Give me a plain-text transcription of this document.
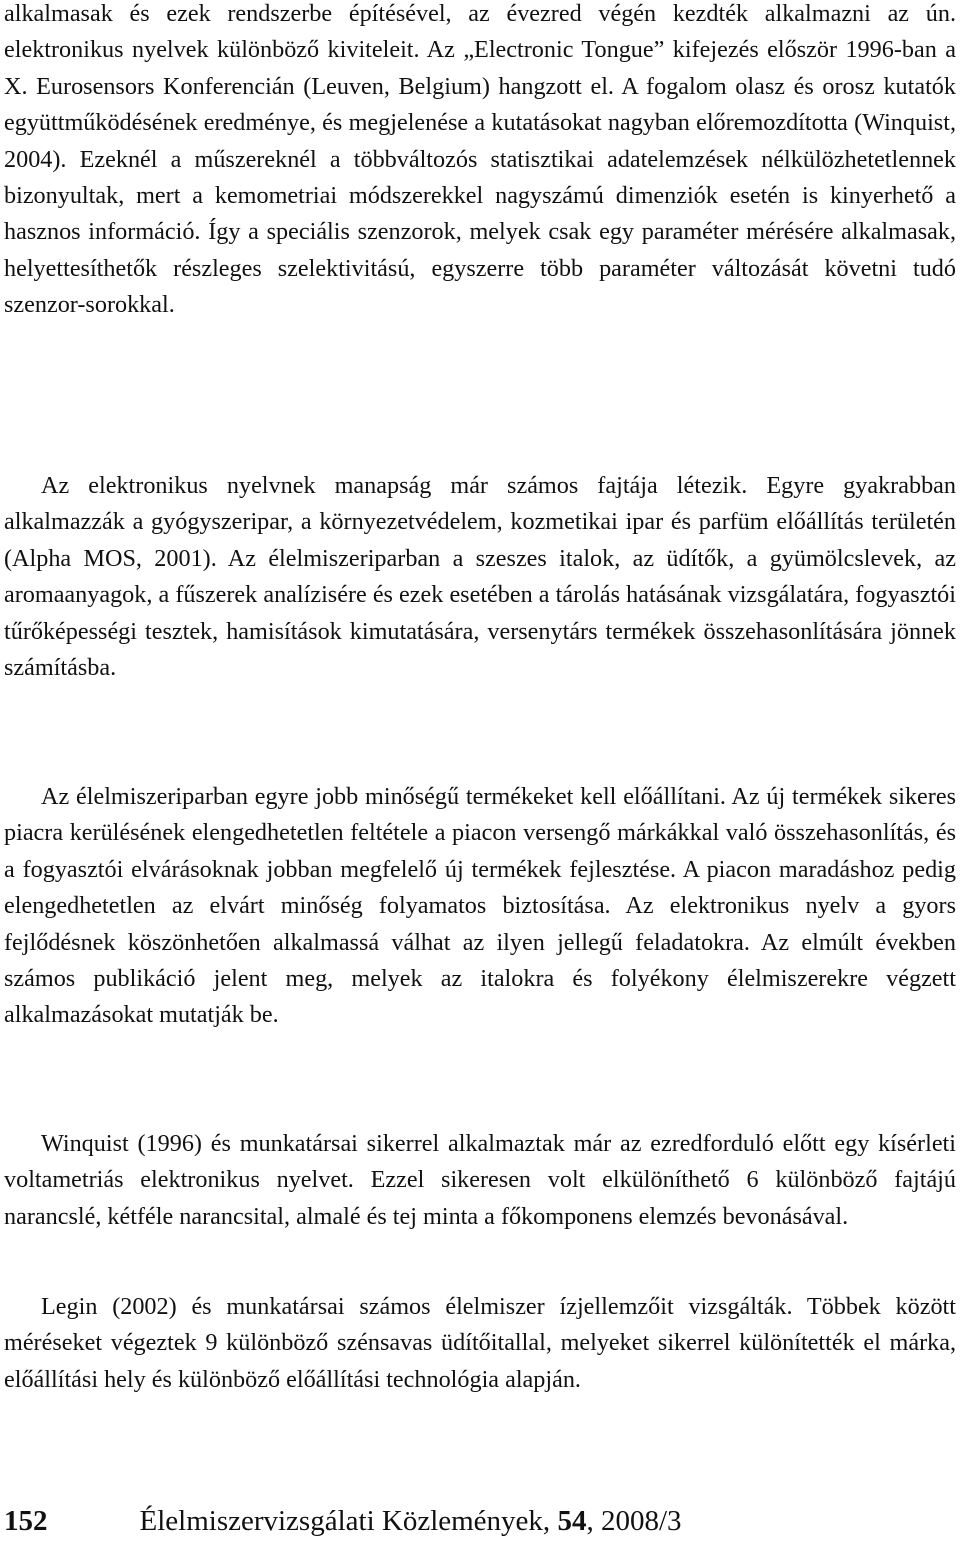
alkalmasak és ezek rendszerbe építésével, az évezred végén kezdték alkalmazni az ún. elektronikus nyelvek különböző kiviteleit. Az „Electronic Tongue” kifejezés először 1996-ban a X. Eurosensors Konferencián (Leuven, Belgium) hangzott el. A fogalom olasz és orosz kutatók együttműködésének eredménye, és megjelenése a kutatásokat nagyban előremozdította (Winquist, 2004). Ezeknél a műszereknél a többváltozós statisztikai adatelemzések nélkülözhetetlennek bizonyultak, mert a kemometriai módszerekkel nagyszámú dimenziók esetén is kinyerhető a hasznos információ. Így a speciális szenzorok, melyek csak egy paraméter mérésére alkalmasak, helyettesíthetők részleges szelektivitású, egyszerre több paraméter változását követni tudó szenzor-sorokkal.

Az elektronikus nyelvnek manapság már számos fajtája létezik. Egyre gyakrabban alkalmazzák a gyógyszeripar, a környezetvédelem, kozmetikai ipar és parfüm előállítás területén (Alpha MOS, 2001). Az élelmiszeriparban a szeszes italok, az üdítők, a gyümölcslevek, az aromaanyagok, a fűszerek analízisére és ezek esetében a tárolás hatásának vizsgálatára, fogyasztói tűrőképességi tesztek, hamisítások kimutatására, versenytárs termékek összehasonlítására jönnek számításba.

Az élelmiszeriparban egyre jobb minőségű termékeket kell előállítani. Az új termékek sikeres piacra kerülésének elengedhetetlen feltétele a piacon versengő márkákkal való összehasonlítás, és a fogyasztói elvárásoknak jobban megfelelő új termékek fejlesztése. A piacon maradáshoz pedig elengedhetetlen az elvárt minőség folyamatos biztosítása. Az elektronikus nyelv a gyors fejlődésnek köszönhetően alkalmassá válhat az ilyen jellegű feladatokra. Az elmúlt években számos publikáció jelent meg, melyek az italokra és folyékony élelmiszerekre végzett alkalmazásokat mutatják be.

Winquist (1996) és munkatársai sikerrel alkalmaztak már az ezredforduló előtt egy kísérleti voltametriás elektronikus nyelvet. Ezzel sikeresen volt elkülöníthető 6 különböző fajtájú narancslé, kétféle narancsital, almalé és tej minta a főkomponens elemzés bevonásával.

Legin (2002) és munkatársai számos élelmiszer ízjellemzőit vizsgálták. Többek között méréseket végeztek 9 különböző szénsavas üdítőitallal, melyeket sikerrel különítették el márka, előállítási hely és különböző előállítási technológia alapján.

152	Élelmiszervizsgálati Közlemények, 54, 2008/3
